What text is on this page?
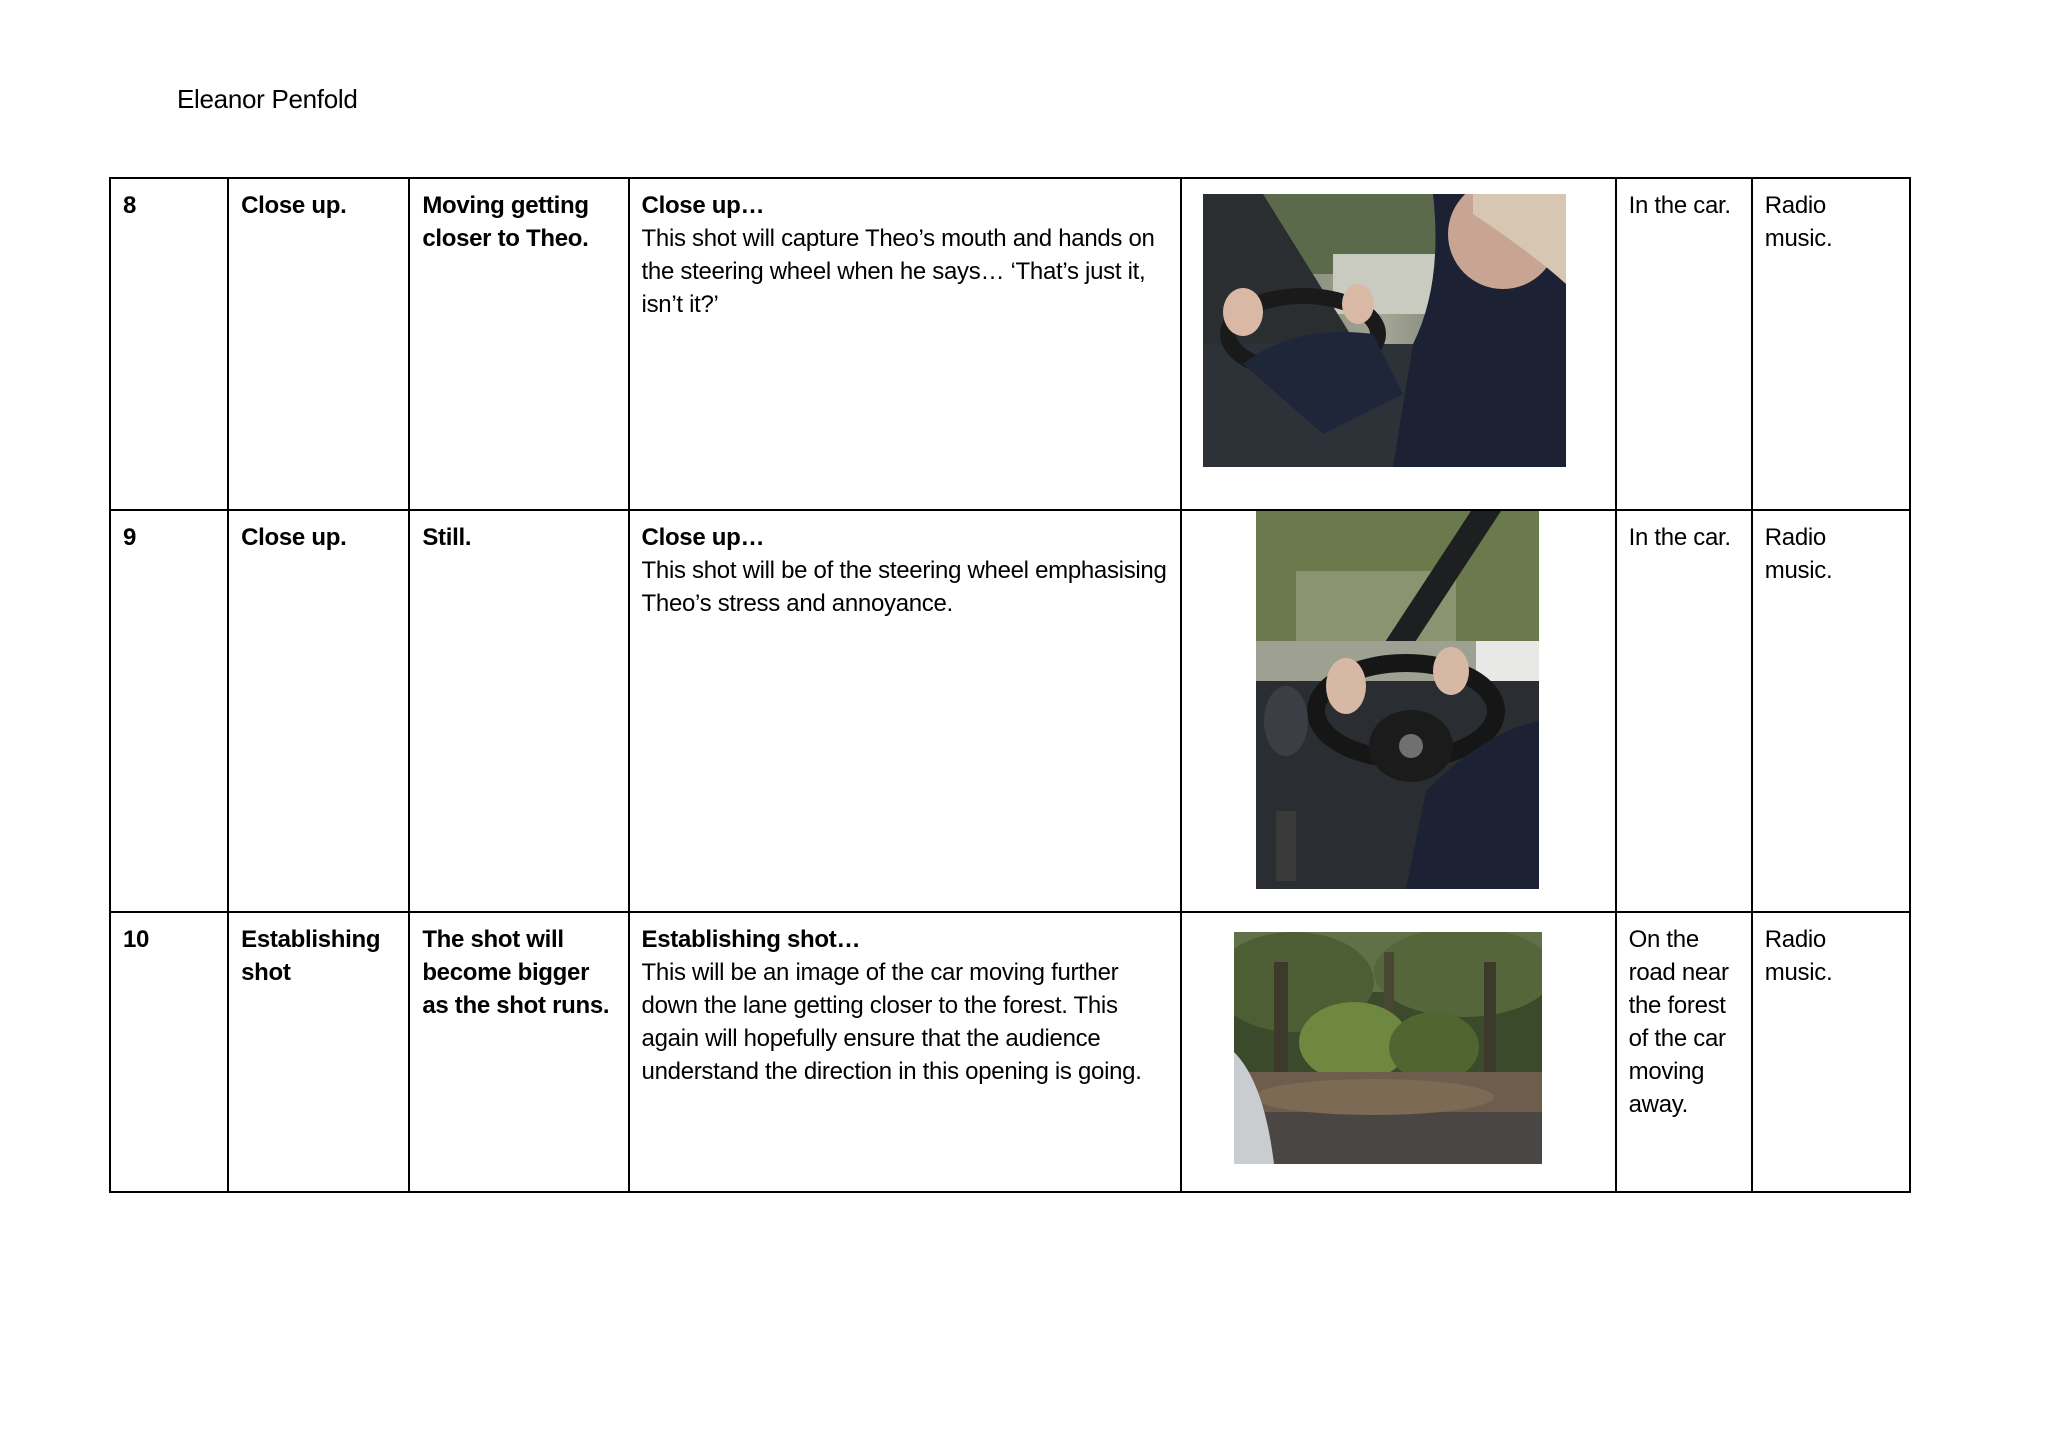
Eleanor Penfold
8	Close up.	Moving getting closer to Theo.	Close up…
This shot will capture Theo’s mouth and hands on the steering wheel when he says… ‘That’s just it, isn’t it?’		In the car.	Radio music.
9	Close up.	Still.	Close up…
This shot will be of the steering wheel emphasising Theo’s stress and annoyance.		In the car.	Radio music.
10	Establishing shot	The shot will become bigger as the shot runs.	Establishing shot…
This will be an image of the car moving further down the lane getting closer to the forest. This again will hopefully ensure that the audience understand the direction in this opening is going.		On the road near the forest of the car moving away.	Radio music.
